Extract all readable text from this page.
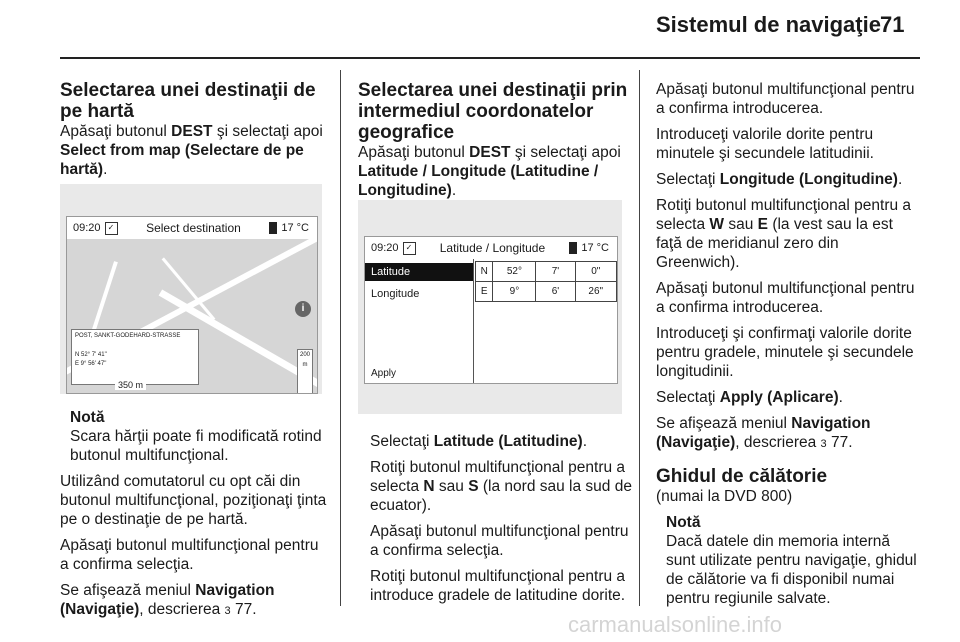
Sistemul de navigaţie 71
Selectarea unei destinaţii de pe hartă

Apăsaţi butonul DEST şi selectaţi apoi Select from map (Selectare de pe hartă).

09:20 ✓	Select destination	17 °C
i
200
m
POST, SANKT-GODEHARD-STRASSE
N 52° 7' 41"
E 9° 56' 47"
350 m
Notă
Scara hărţii poate fi modificată rotind butonul multifuncţional.

Utilizând comutatorul cu opt căi din butonul multifuncţional, poziţionaţi ţinta pe o destinaţie de pe hartă.

Apăsaţi butonul multifuncţional pentru a confirma selecţia.

Se afişează meniul Navigation (Navigaţie), descrierea 3 77.

Selectarea unei destinaţii prin intermediul coordonatelor geografice

Apăsaţi butonul DEST şi selectaţi apoi Latitude / Longitude (Latitudine / Longitudine).

09:20 ✓	Latitude / Longitude	17 °C
Latitude
Longitude
Apply
N	52°	7'	0"
E	9°	6'	26"

Selectaţi Latitude (Latitudine).

Rotiţi butonul multifuncţional pentru a selecta N sau S (la nord sau la sud de ecuator).

Apăsaţi butonul multifuncţional pentru a confirma selecţia.

Rotiţi butonul multifuncţional pentru a introduce gradele de latitudine dorite.

Apăsaţi butonul multifuncţional pentru a confirma introducerea.

Introduceţi valorile dorite pentru minutele şi secundele latitudinii.

Selectaţi Longitude (Longitudine).

Rotiţi butonul multifuncţional pentru a selecta W sau E (la vest sau la est faţă de meridianul zero din Greenwich).

Apăsaţi butonul multifuncţional pentru a confirma introducerea.

Introduceţi şi confirmaţi valorile dorite pentru gradele, minutele şi secundele longitudinii.

Selectaţi Apply (Aplicare).

Se afişează meniul Navigation (Navigaţie), descrierea 3 77.

Ghidul de călătorie

(numai la DVD 800)

Notă
Dacă datele din memoria internă sunt utilizate pentru navigaţie, ghidul de călătorie va fi disponibil numai pentru regiunile salvate.
carmanualsonline.info
